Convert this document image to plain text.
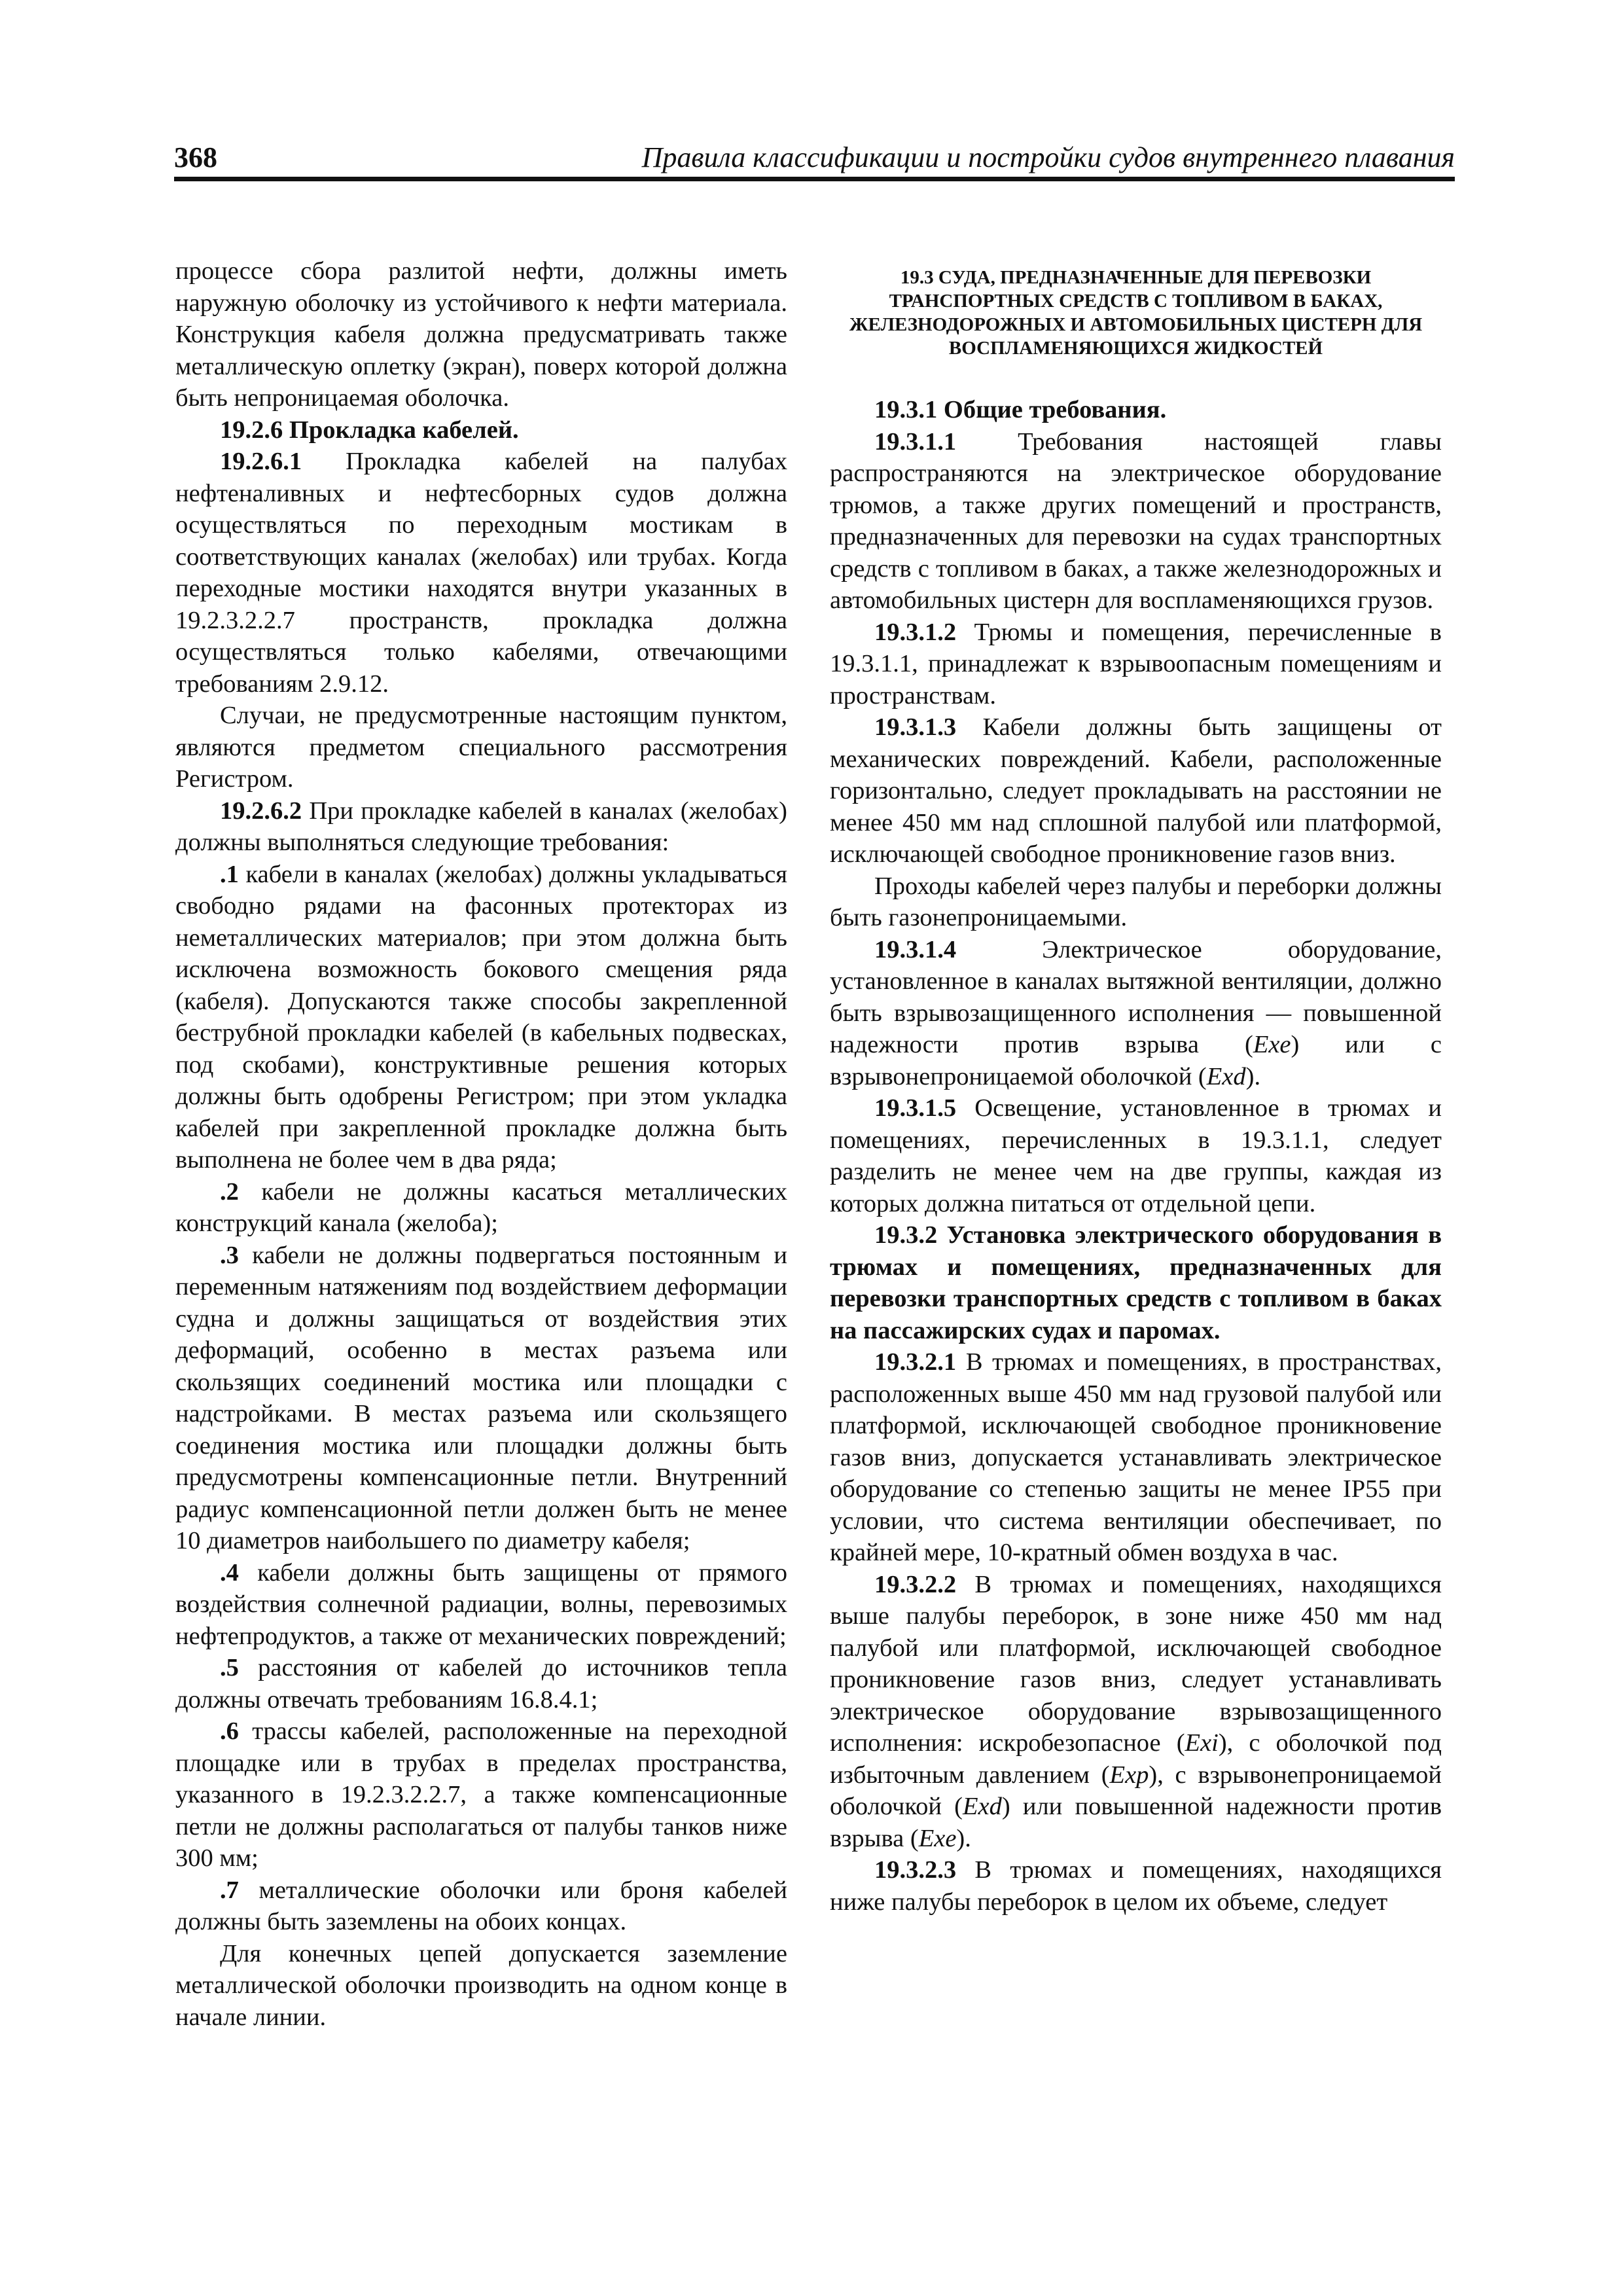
368	Правила классификации и постройки судов внутреннего плавания

процессе сбора разлитой нефти, должны иметь наружную оболочку из устойчивого к нефти материала. Конструкция кабеля должна предусматривать также металлическую оплетку (экран), поверх которой должна быть непроницаемая оболочка.

19.2.6 Прокладка кабелей.

19.2.6.1 Прокладка кабелей на палубах нефтеналивных и нефтесборных судов должна осуществляться по переходным мостикам в соответствующих каналах (желобах) или трубах. Когда переходные мостики находятся внутри указанных в 19.2.3.2.2.7 пространств, прокладка должна осуществляться только кабелями, отвечающими требованиям 2.9.12.

Случаи, не предусмотренные настоящим пунктом, являются предметом специального рассмотрения Регистром.

19.2.6.2 При прокладке кабелей в каналах (желобах) должны выполняться следующие требования:

.1 кабели в каналах (желобах) должны укладываться свободно рядами на фасонных протекторах из неметаллических материалов; при этом должна быть исключена возможность бокового смещения ряда (кабеля). Допускаются также способы закрепленной беструбной прокладки кабелей (в кабельных подвесках, под скобами), конструктивные решения которых должны быть одобрены Регистром; при этом укладка кабелей при закрепленной прокладке должна быть выполнена не более чем в два ряда;

.2 кабели не должны касаться металлических конструкций канала (желоба);

.3 кабели не должны подвергаться постоянным и переменным натяжениям под воздействием деформации судна и должны защищаться от воздействия этих деформаций, особенно в местах разъема или скользящих соединений мостика или площадки с надстройками. В местах разъема или скользящего соединения мостика или площадки должны быть предусмотрены компенсационные петли. Внутренний радиус компенсационной петли должен быть не менее 10 диаметров наибольшего по диаметру кабеля;

.4 кабели должны быть защищены от прямого воздействия солнечной радиации, волны, перевозимых нефтепродуктов, а также от механических повреждений;

.5 расстояния от кабелей до источников тепла должны отвечать требованиям 16.8.4.1;

.6 трассы кабелей, расположенные на переходной площадке или в трубах в пределах пространства, указанного в 19.2.3.2.2.7, а также компенсационные петли не должны располагаться от палубы танков ниже 300 мм;

.7 металлические оболочки или броня кабелей должны быть заземлены на обоих концах.

Для конечных цепей допускается заземление металлической оболочки производить на одном конце в начале линии.

19.3 СУДА, ПРЕДНАЗНАЧЕННЫЕ ДЛЯ ПЕРЕВОЗКИ ТРАНСПОРТНЫХ СРЕДСТВ С ТОПЛИВОМ В БАКАХ, ЖЕЛЕЗНОДОРОЖНЫХ И АВТОМОБИЛЬНЫХ ЦИСТЕРН ДЛЯ ВОСПЛАМЕНЯЮЩИХСЯ ЖИДКОСТЕЙ
19.3.1 Общие требования.

19.3.1.1 Требования настоящей главы распространяются на электрическое оборудование трюмов, а также других помещений и пространств, предназначенных для перевозки на судах транспортных средств с топливом в баках, а также железнодорожных и автомобильных цистерн для воспламеняющихся грузов.

19.3.1.2 Трюмы и помещения, перечисленные в 19.3.1.1, принадлежат к взрывоопасным помещениям и пространствам.

19.3.1.3 Кабели должны быть защищены от механических повреждений. Кабели, расположенные горизонтально, следует прокладывать на расстоянии не менее 450 мм над сплошной палубой или платформой, исключающей свободное проникновение газов вниз.

Проходы кабелей через палубы и переборки должны быть газонепроницаемыми.

19.3.1.4 Электрическое оборудование, установленное в каналах вытяжной вентиляции, должно быть взрывозащищенного исполнения — повышенной надежности против взрыва (Exe) или с взрывонепроницаемой оболочкой (Exd).

19.3.1.5 Освещение, установленное в трюмах и помещениях, перечисленных в 19.3.1.1, следует разделить не менее чем на две группы, каждая из которых должна питаться от отдельной цепи.

19.3.2 Установка электрического оборудования в трюмах и помещениях, предназначенных для перевозки транспортных средств с топливом в баках на пассажирских судах и паромах.

19.3.2.1 В трюмах и помещениях, в пространствах, расположенных выше 450 мм над грузовой палубой или платформой, исключающей свободное проникновение газов вниз, допускается устанавливать электрическое оборудование со степенью защиты не менее IP55 при условии, что система вентиляции обеспечивает, по крайней мере, 10-кратный обмен воздуха в час.

19.3.2.2 В трюмах и помещениях, находящихся выше палубы переборок, в зоне ниже 450 мм над палубой или платформой, исключающей свободное проникновение газов вниз, следует устанавливать электрическое оборудование взрывозащищенного исполнения: искробезопасное (Exi), с оболочкой под избыточным давлением (Exp), с взрывонепроницаемой оболочкой (Exd) или повышенной надежности против взрыва (Exe).

19.3.2.3 В трюмах и помещениях, находящихся ниже палубы переборок в целом их объеме, следует
